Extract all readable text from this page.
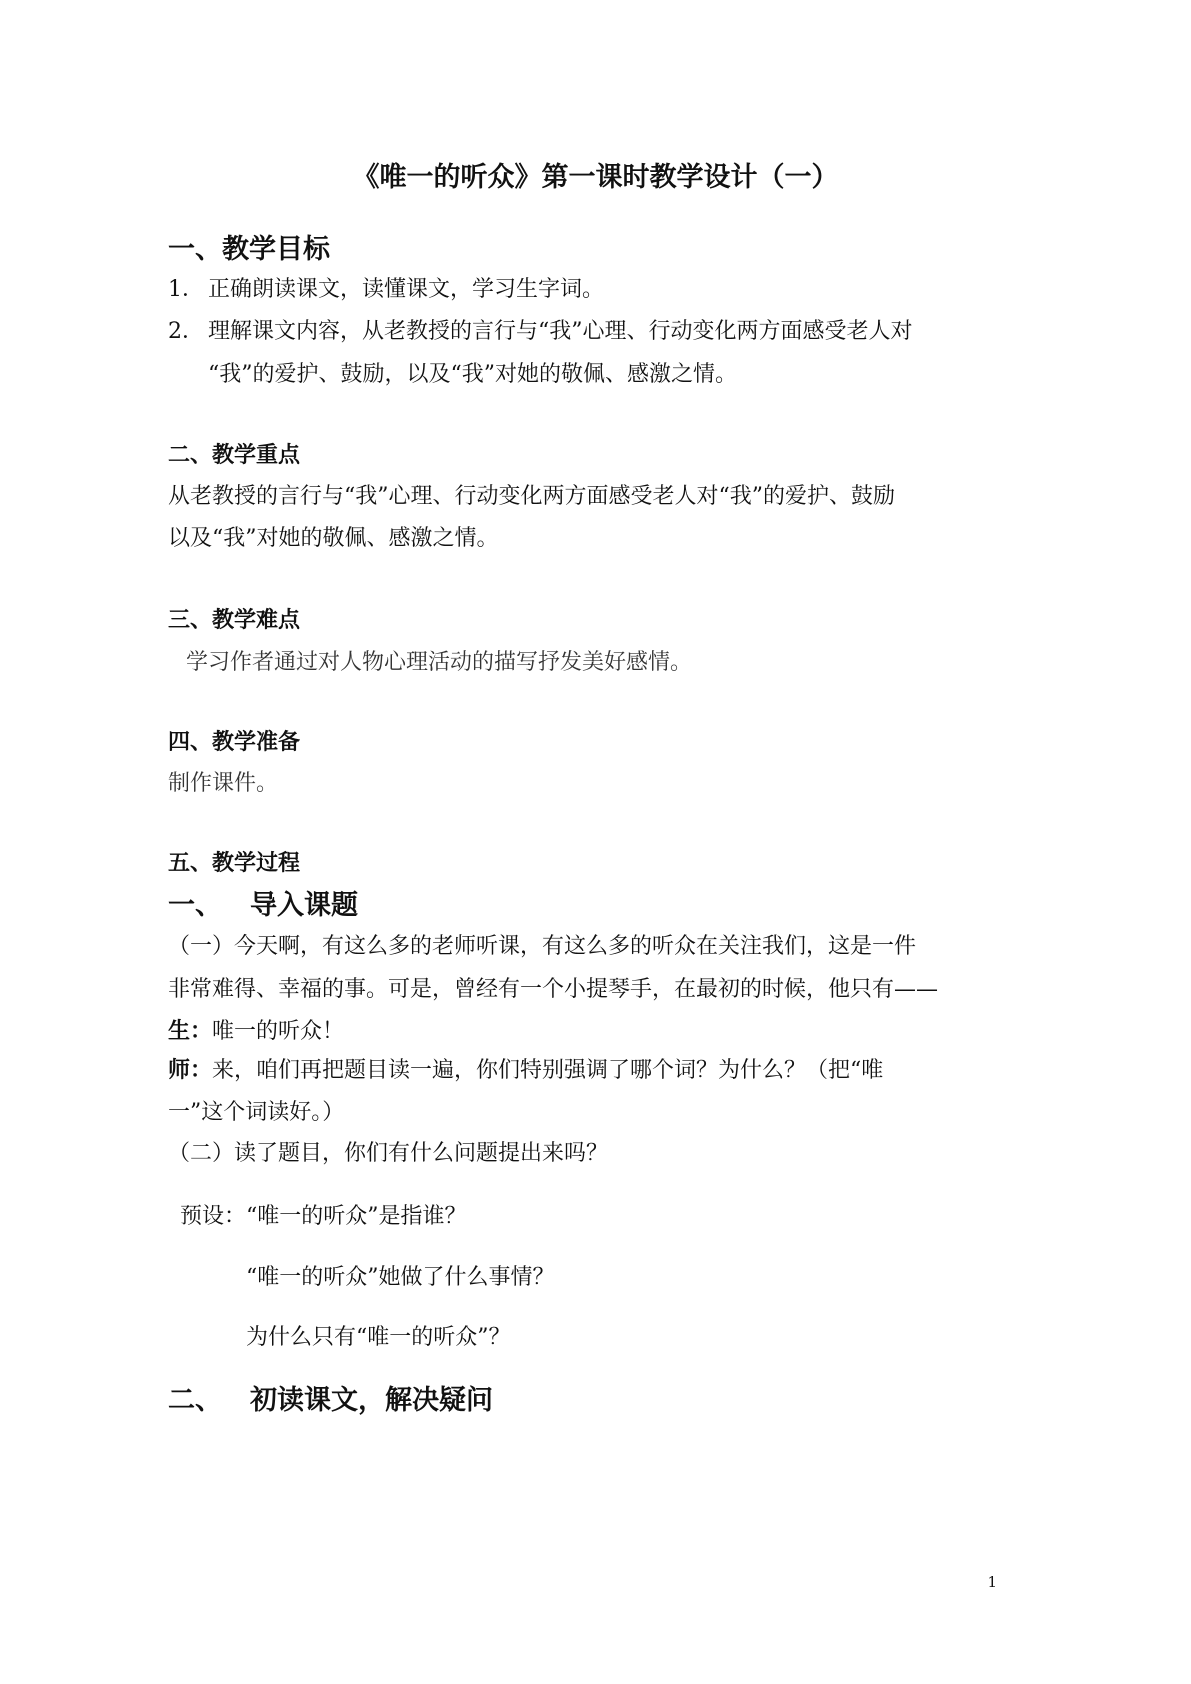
《唯一的听众》第一课时教学设计（一）
一、教学目标
1． 正确朗读课文，读懂课文，学习生字词。
2． 理解课文内容，从老教授的言行与“我”心理、行动变化两方面感受老人对
“我”的爱护、鼓励，以及“我”对她的敬佩、感激之情。
二、教学重点
从老教授的言行与“我”心理、行动变化两方面感受老人对“我”的爱护、鼓励
以及“我”对她的敬佩、感激之情。
三、教学难点
学习作者通过对人物心理活动的描写抒发美好感情。
四、教学准备
制作课件。
五、教学过程
一、 导入课题
（一）今天啊，有这么多的老师听课，有这么多的听众在关注我们，这是一件
非常难得、幸福的事。可是，曾经有一个小提琴手，在最初的时候，他只有——
生：唯一的听众！
师：来，咱们再把题目读一遍，你们特别强调了哪个词？为什么？（把“唯
一”这个词读好。）
（二）读了题目，你们有什么问题提出来吗？
预设：“唯一的听众”是指谁？
“唯一的听众”她做了什么事情？
为什么只有“唯一的听众”？
二、 初读课文，解决疑问
1
